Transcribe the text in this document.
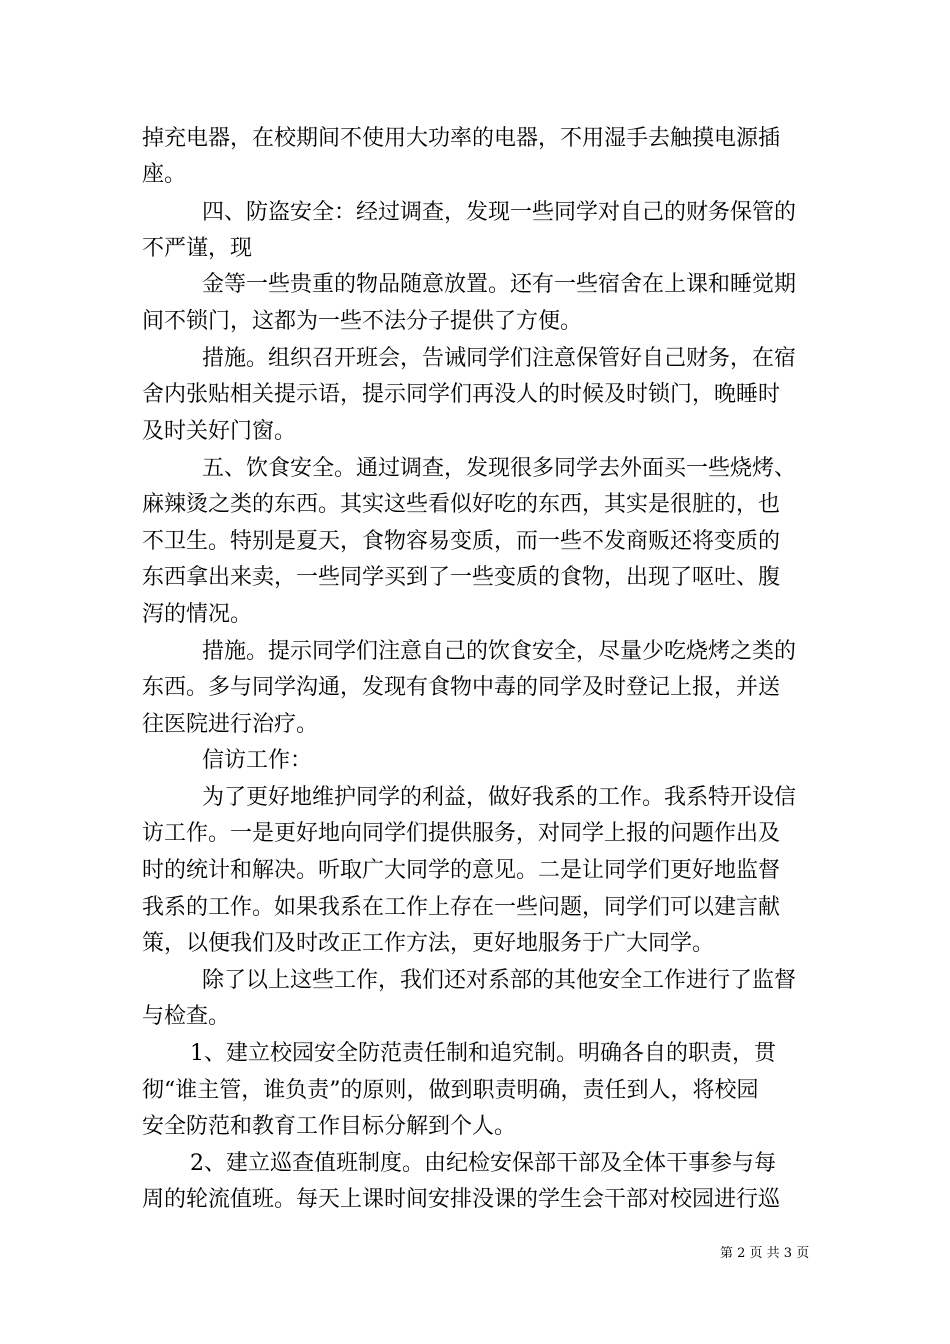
掉充电器，在校期间不使用大功率的电器，不用湿手去触摸电源插
座。
四、防盗安全：经过调查，发现一些同学对自己的财务保管的
不严谨，现
金等一些贵重的物品随意放置。还有一些宿舍在上课和睡觉期
间不锁门，这都为一些不法分子提供了方便。
措施。组织召开班会，告诫同学们注意保管好自己财务，在宿
舍内张贴相关提示语，提示同学们再没人的时候及时锁门，晚睡时
及时关好门窗。
五、饮食安全。通过调查，发现很多同学去外面买一些烧烤、
麻辣烫之类的东西。其实这些看似好吃的东西，其实是很脏的，也
不卫生。特别是夏天，食物容易变质，而一些不发商贩还将变质的
东西拿出来卖，一些同学买到了一些变质的食物，出现了呕吐、腹
泻的情况。
措施。提示同学们注意自己的饮食安全，尽量少吃烧烤之类的
东西。多与同学沟通，发现有食物中毒的同学及时登记上报，并送
往医院进行治疗。
信访工作：
为了更好地维护同学的利益，做好我系的工作。我系特开设信
访工作。一是更好地向同学们提供服务，对同学上报的问题作出及
时的统计和解决。听取广大同学的意见。二是让同学们更好地监督
我系的工作。如果我系在工作上存在一些问题，同学们可以建言献
策，以便我们及时改正工作方法，更好地服务于广大同学。
除了以上这些工作，我们还对系部的其他安全工作进行了监督
与检查。
1、建立校园安全防范责任制和追究制。明确各自的职责，贯
彻“谁主管，谁负责”的原则，做到职责明确，责任到人，将校园
安全防范和教育工作目标分解到个人。
2、建立巡查值班制度。由纪检安保部干部及全体干事参与每
周的轮流值班。每天上课时间安排没课的学生会干部对校园进行巡
第 2 页 共 3 页
